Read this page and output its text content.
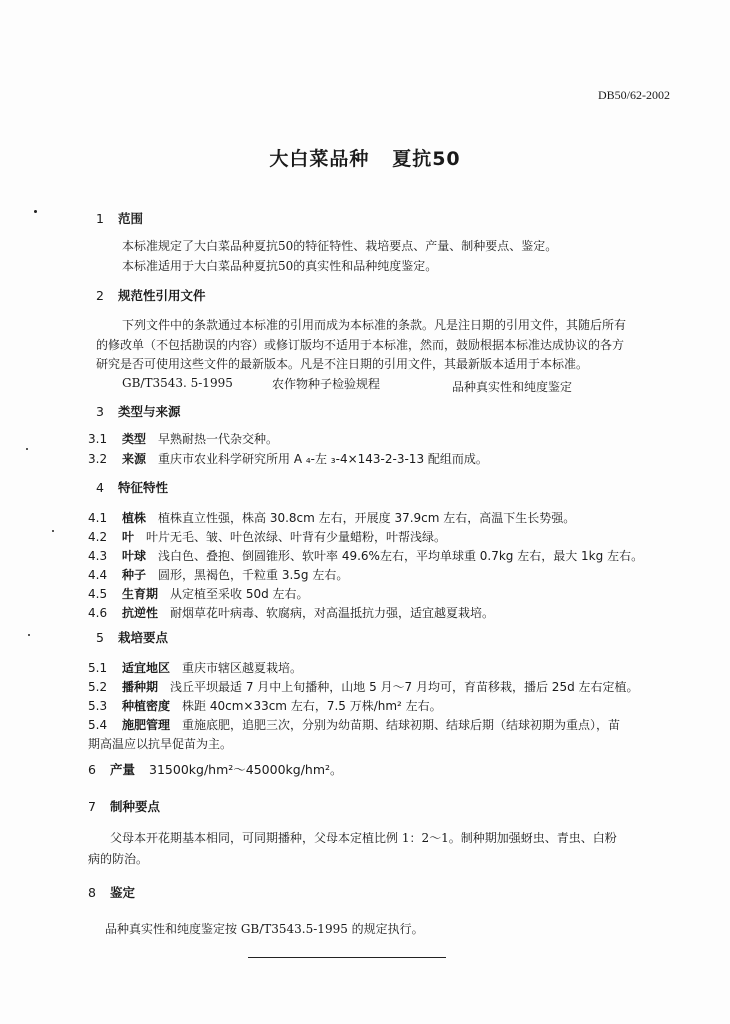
DB50/62-2002
大白菜品种 夏抗50
1 范围
本标准规定了大白菜品种夏抗50的特征特性、栽培要点、产量、制种要点、鉴定。
本标准适用于大白菜品种夏抗50的真实性和品种纯度鉴定。
2 规范性引用文件
下列文件中的条款通过本标准的引用而成为本标准的条款。凡是注日期的引用文件，其随后所有
的修改单（不包括勘误的内容）或修订版均不适用于本标准，然而，鼓励根据本标准达成协议的各方
研究是否可使用这些文件的最新版本。凡是不注日期的引用文件，其最新版本适用于本标准。
GB/T3543. 5-1995	农作物种子检验规程	品种真实性和纯度鉴定
3 类型与来源
3.1 类型 早熟耐热一代杂交种。
3.2 来源 重庆市农业科学研究所用 A ₄-左 ₃-4×143-2-3-13 配组而成。
4 特征特性
4.1 植株 植株直立性强，株高 30.8cm 左右，开展度 37.9cm 左右，高温下生长势强。
4.2 叶 叶片无毛、皱、叶色浓绿、叶背有少量蜡粉，叶帮浅绿。
4.3 叶球 浅白色、叠抱、倒圆锥形、软叶率 49.6%左右，平均单球重 0.7kg 左右，最大 1kg 左右。
4.4 种子 圆形，黑褐色，千粒重 3.5g 左右。
4.5 生育期 从定植至采收 50d 左右。
4.6 抗逆性 耐烟草花叶病毒、软腐病，对高温抵抗力强，适宜越夏栽培。
5 栽培要点
5.1 适宜地区 重庆市辖区越夏栽培。
5.2 播种期 浅丘平坝最适 7 月中上旬播种，山地 5 月～7 月均可，育苗移栽，播后 25d 左右定植。
5.3 种植密度 株距 40cm×33cm 左右，7.5 万株/hm² 左右。
5.4 施肥管理 重施底肥，追肥三次，分别为幼苗期、结球初期、结球后期（结球初期为重点），苗
期高温应以抗旱促苗为主。
6 产量 31500kg/hm²～45000kg/hm²。
7 制种要点
父母本开花期基本相同，可同期播种，父母本定植比例 1：2～1。制种期加强蚜虫、青虫、白粉
病的防治。
8 鉴定
品种真实性和纯度鉴定按 GB/T3543.5-1995 的规定执行。
